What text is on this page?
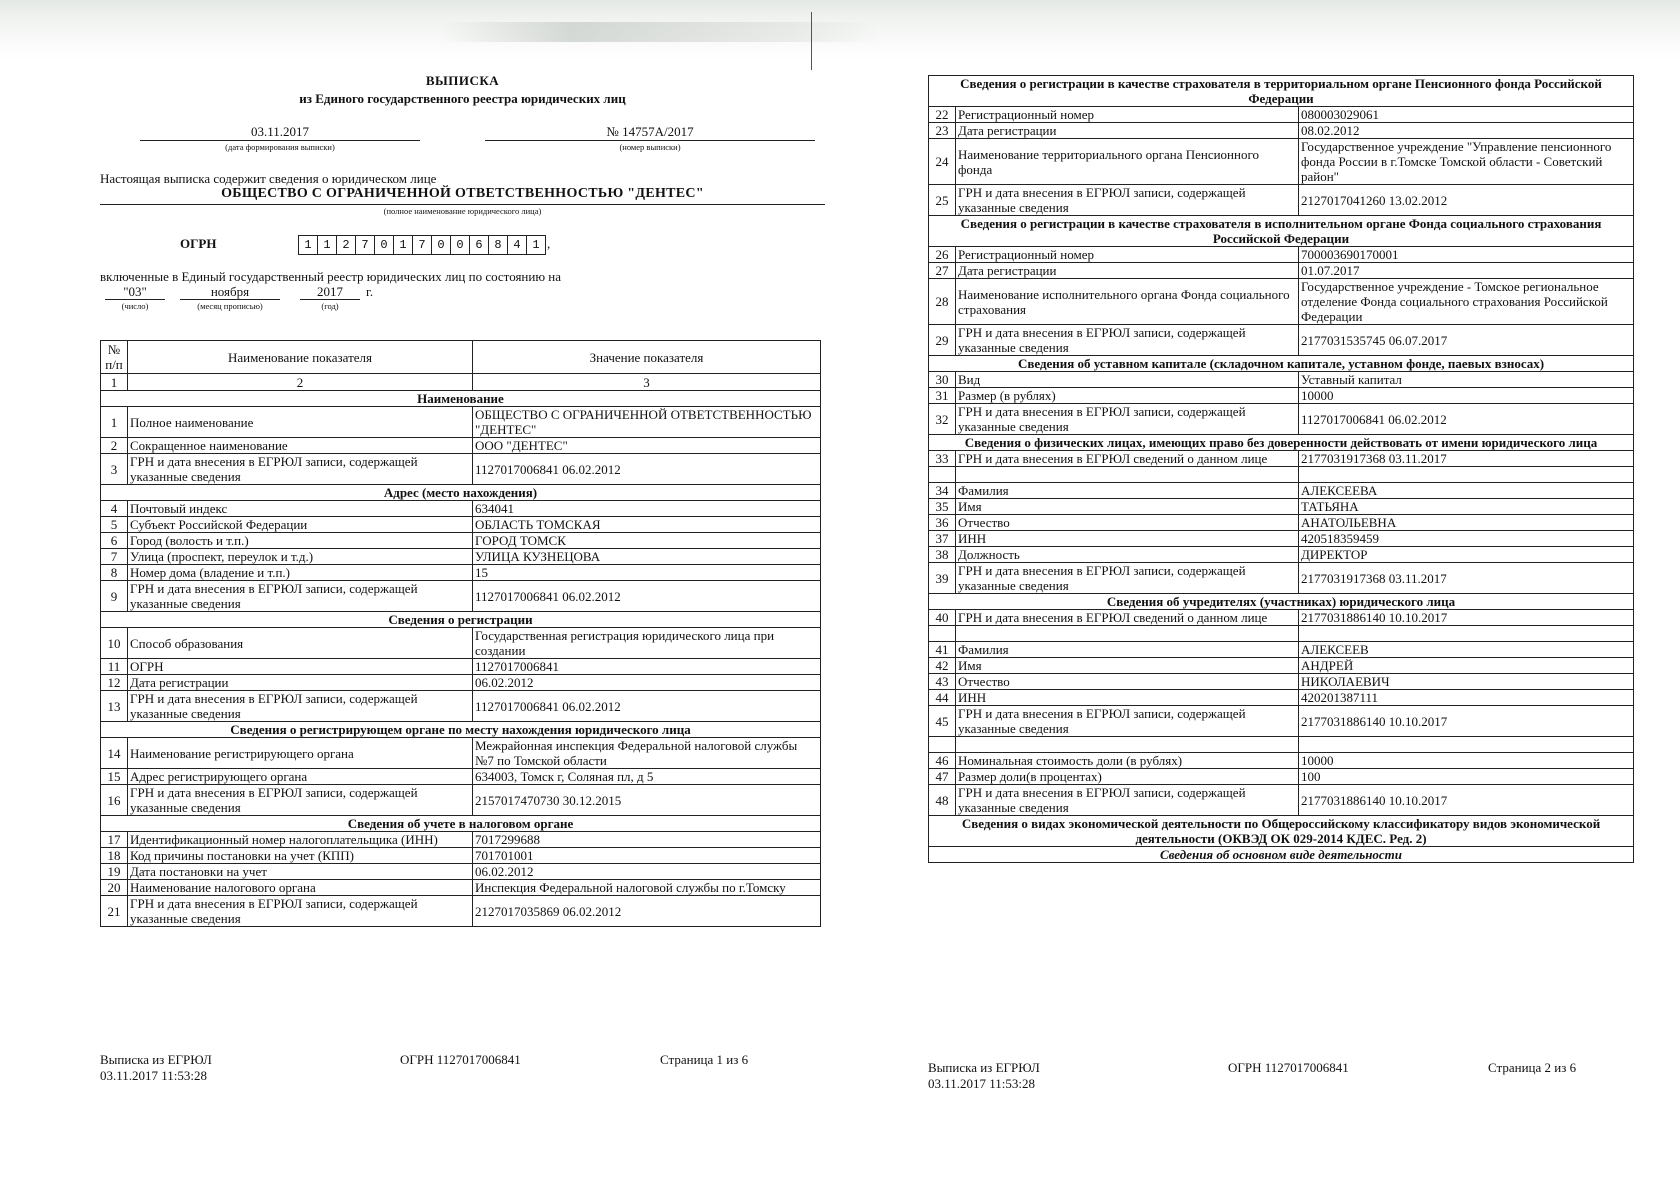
ВЫПИСКА
из Единого государственного реестра юридических лиц
03.11.2017
(дата формирования выписки)
№ 14757А/2017
(номер выписки)
Настоящая выписка содержит сведения о юридическом лице
ОБЩЕСТВО С ОГРАНИЧЕННОЙ ОТВЕТСТВЕННОСТЬЮ "ДЕНТЕС"
(полное наименование юридического лица)
ОГРН	1 1 2 7 0 1 7 0 0 6 8 4 1 ,
включенные в Единый государственный реестр юридических лиц по состоянию на
"03"	ноября	2017	г.
(число)	(месяц прописью)	(год)
№ п/п	Наименование показателя	Значение показателя
1	2	3
Наименование		
1	Полное наименование	ОБЩЕСТВО С ОГРАНИЧЕННОЙ ОТВЕТСТВЕННОСТЬЮ "ДЕНТЕС"
2	Сокращенное наименование	ООО "ДЕНТЕС"
3	ГРН и дата внесения в ЕГРЮЛ записи, содержащей указанные сведения	1127017006841 06.02.2012
Адрес (место нахождения)		
4	Почтовый индекс	634041
5	Субъект Российской Федерации	ОБЛАСТЬ ТОМСКАЯ
6	Город (волость и т.п.)	ГОРОД ТОМСК
7	Улица (проспект, переулок и т.д.)	УЛИЦА КУЗНЕЦОВА
8	Номер дома (владение и т.п.)	15
9	ГРН и дата внесения в ЕГРЮЛ записи, содержащей указанные сведения	1127017006841 06.02.2012
Сведения о регистрации		
10	Способ образования	Государственная регистрация юридического лица при создании
11	ОГРН	1127017006841
12	Дата регистрации	06.02.2012
13	ГРН и дата внесения в ЕГРЮЛ записи, содержащей указанные сведения	1127017006841 06.02.2012
Сведения о регистрирующем органе по месту нахождения юридического лица		
14	Наименование регистрирующего органа	Межрайонная инспекция Федеральной налоговой службы №7 по Томской области
15	Адрес регистрирующего органа	634003, Томск г, Соляная пл, д 5
16	ГРН и дата внесения в ЕГРЮЛ записи, содержащей указанные сведения	2157017470730 30.12.2015
Сведения об учете в налоговом органе		
17	Идентификационный номер налогоплательщика (ИНН)	7017299688
18	Код причины постановки на учет (КПП)	701701001
19	Дата постановки на учет	06.02.2012
20	Наименование налогового органа	Инспекция Федеральной налоговой службы по г.Томску
21	ГРН и дата внесения в ЕГРЮЛ записи, содержащей указанные сведения	2127017035869 06.02.2012
Выписка из ЕГРЮЛ
03.11.2017 11:53:28
ОГРН 1127017006841	Страница 1 из 6
Сведения о регистрации в качестве страхователя в территориальном органе Пенсионного фонда Российской Федерации		
22	Регистрационный номер	080003029061
23	Дата регистрации	08.02.2012
24	Наименование территориального органа Пенсионного фонда	Государственное учреждение "Управление пенсионного фонда России в г.Томске Томской области - Советский район"
25	ГРН и дата внесения в ЕГРЮЛ записи, содержащей указанные сведения	2127017041260 13.02.2012
Сведения о регистрации в качестве страхователя в исполнительном органе Фонда социального страхования Российской Федерации		
26	Регистрационный номер	700003690170001
27	Дата регистрации	01.07.2017
28	Наименование исполнительного органа Фонда социального страхования	Государственное учреждение - Томское региональное отделение Фонда социального страхования Российской Федерации
29	ГРН и дата внесения в ЕГРЮЛ записи, содержащей указанные сведения	2177031535745 06.07.2017
Сведения об уставном капитале (складочном капитале, уставном фонде, паевых взносах)		
30	Вид	Уставный капитал
31	Размер (в рублях)	10000
32	ГРН и дата внесения в ЕГРЮЛ записи, содержащей указанные сведения	1127017006841 06.02.2012
Сведения о физических лицах, имеющих право без доверенности действовать от имени юридического лица		
33	ГРН и дата внесения в ЕГРЮЛ сведений о данном лице	2177031917368 03.11.2017

34	Фамилия	АЛЕКСЕЕВА
35	Имя	ТАТЬЯНА
36	Отчество	АНАТОЛЬЕВНА
37	ИНН	420518359459
38	Должность	ДИРЕКТОР
39	ГРН и дата внесения в ЕГРЮЛ записи, содержащей указанные сведения	2177031917368 03.11.2017
Сведения об учредителях (участниках) юридического лица		
40	ГРН и дата внесения в ЕГРЮЛ сведений о данном лице	2177031886140 10.10.2017

41	Фамилия	АЛЕКСЕЕВ
42	Имя	АНДРЕЙ
43	Отчество	НИКОЛАЕВИЧ
44	ИНН	420201387111
45	ГРН и дата внесения в ЕГРЮЛ записи, содержащей указанные сведения	2177031886140 10.10.2017

46	Номинальная стоимость доли (в рублях)	10000
47	Размер доли(в процентах)	100
48	ГРН и дата внесения в ЕГРЮЛ записи, содержащей указанные сведения	2177031886140 10.10.2017
Сведения о видах экономической деятельности по Общероссийскому классификатору видов экономической деятельности (ОКВЭД ОК 029-2014 КДЕС. Ред. 2)		
Сведения об основном виде деятельности		
Выписка из ЕГРЮЛ
03.11.2017 11:53:28
ОГРН 1127017006841	Страница 2 из 6
